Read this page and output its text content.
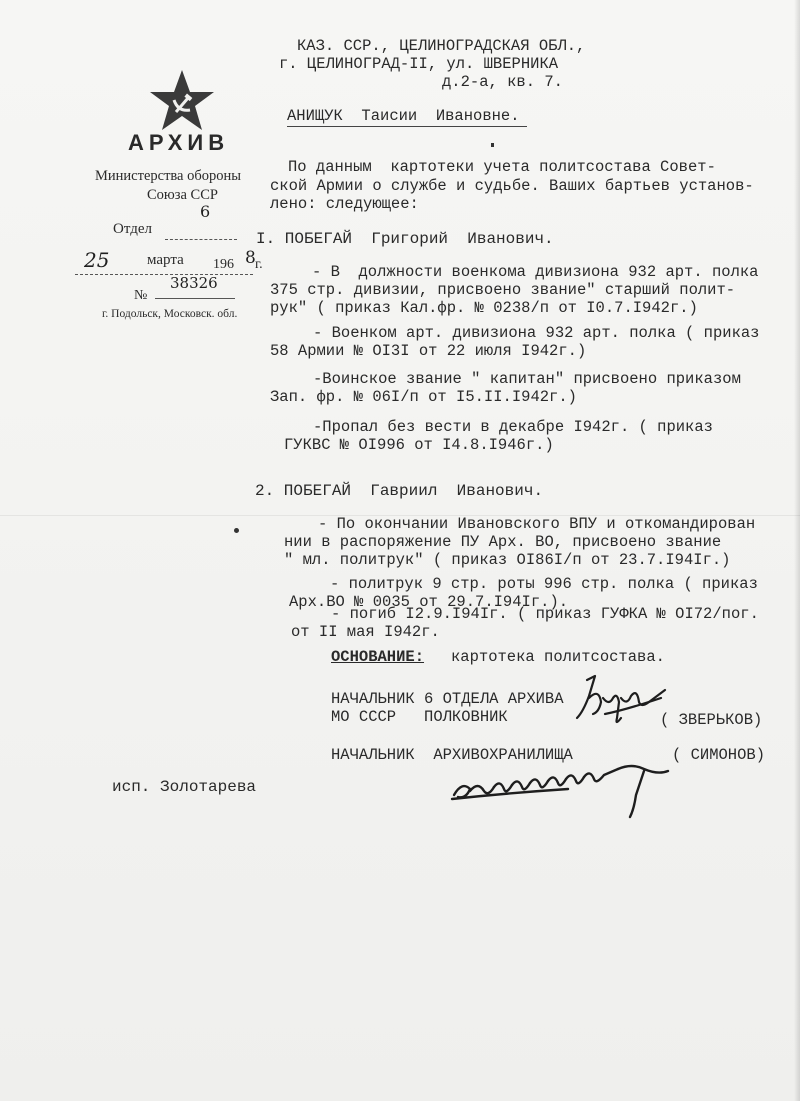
АРХИВ
Министерства обороны
Союза ССР
Отдел
6
25	марта 196 8 г.
№
38326
г. Подольск, Московск. обл.
КАЗ. ССР., ЦЕЛИНОГРАДСКАЯ ОБЛ.,
г. ЦЕЛИНОГРАД-II, ул. ШВЕРНИКА
д.2-а, кв. 7.
АНИЩУК  Таисии  Ивановне.
По данным  картотеки учета политсостава Совет-
ской Армии о службе и судьбе. Ваших бартьев установ-
лено: следующее:
I. ПОБЕГАЙ  Григорий  Иванович.
- В  должности военкома дивизиона 932 арт. полка
375 стр. дивизии, присвоено звание" старший полит-
рук" ( приказ Кал.фр. № 0238/п от I0.7.I942г.)
- Военком арт. дивизиона 932 арт. полка ( приказ
58 Армии № OI3I от 22 июля I942г.)
-Воинское звание " капитан" присвоено приказом
Зап. фр. № 06I/п от I5.II.I942г.)
-Пропал без вести в декабре I942г. ( приказ
ГУКВС № OI996 от I4.8.I946г.)
2. ПОБЕГАЙ  Гавриил  Иванович.
- По окончании Ивановского ВПУ и откомандирован
нии в распоряжение ПУ Арх. ВО, присвоено звание
" мл. политрук" ( приказ OI86I/п от 23.7.I94Iг.)
- политрук 9 стр. роты 996 стр. полка ( приказ
Арх.ВО № 0035 от 29.7.I94Iг.).
- погиб I2.9.I94Iг. ( приказ ГУФКА № OI72/пог.
от II мая I942г.
ОСНОВАНИЕ: картотека политсостава.
НАЧАЛЬНИК 6 ОТДЕЛА АРХИВА
МО СССР   ПОЛКОВНИК	( ЗВЕРЬКОВ)
НАЧАЛЬНИК  АРХИВОХРАНИЛИЩА	( СИМОНОВ)
исп. Золотарева
